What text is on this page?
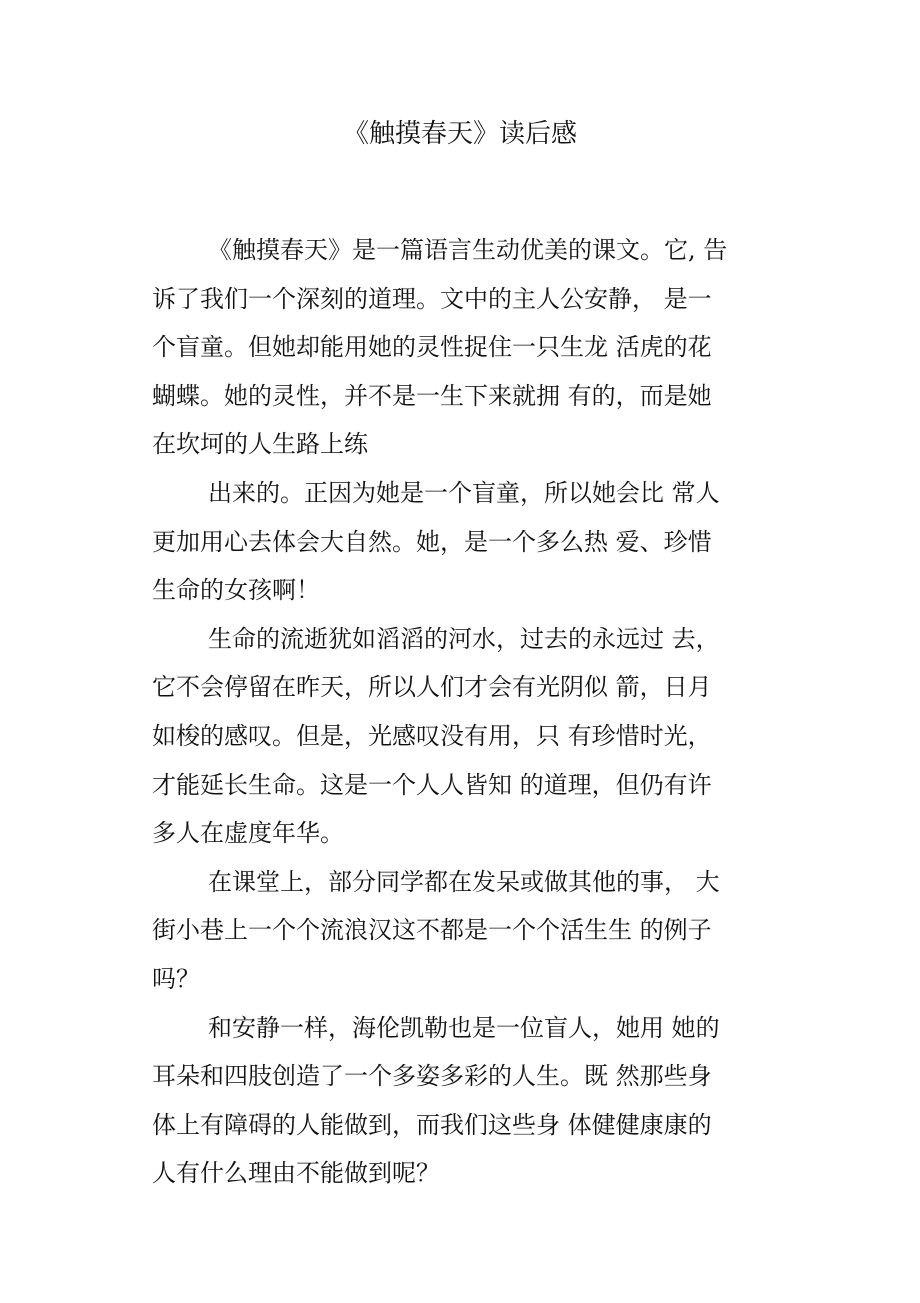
《触摸春天》读后感
《触摸春天》是一篇语言生动优美的课文。它, 告
诉了我们一个深刻的道理。文中的主人公安静， 是一
个盲童。但她却能用她的灵性捉住一只生龙 活虎的花
蝴蝶。她的灵性，并不是一生下来就拥 有的，而是她
在坎坷的人生路上练
出来的。正因为她是一个盲童，所以她会比 常人
更加用心去体会大自然。她，是一个多么热 爱、珍惜
生命的女孩啊！
生命的流逝犹如滔滔的河水，过去的永远过 去，
它不会停留在昨天，所以人们才会有光阴似 箭，日月
如梭的感叹。但是，光感叹没有用，只 有珍惜时光，
才能延长生命。这是一个人人皆知 的道理，但仍有许
多人在虚度年华。
在课堂上，部分同学都在发呆或做其他的事， 大
街小巷上一个个流浪汉这不都是一个个活生生 的例子
吗？
和安静一样，海伦凯勒也是一位盲人，她用 她的
耳朵和四肢创造了一个多姿多彩的人生。既 然那些身
体上有障碍的人能做到，而我们这些身 体健健康康的
人有什么理由不能做到呢？
